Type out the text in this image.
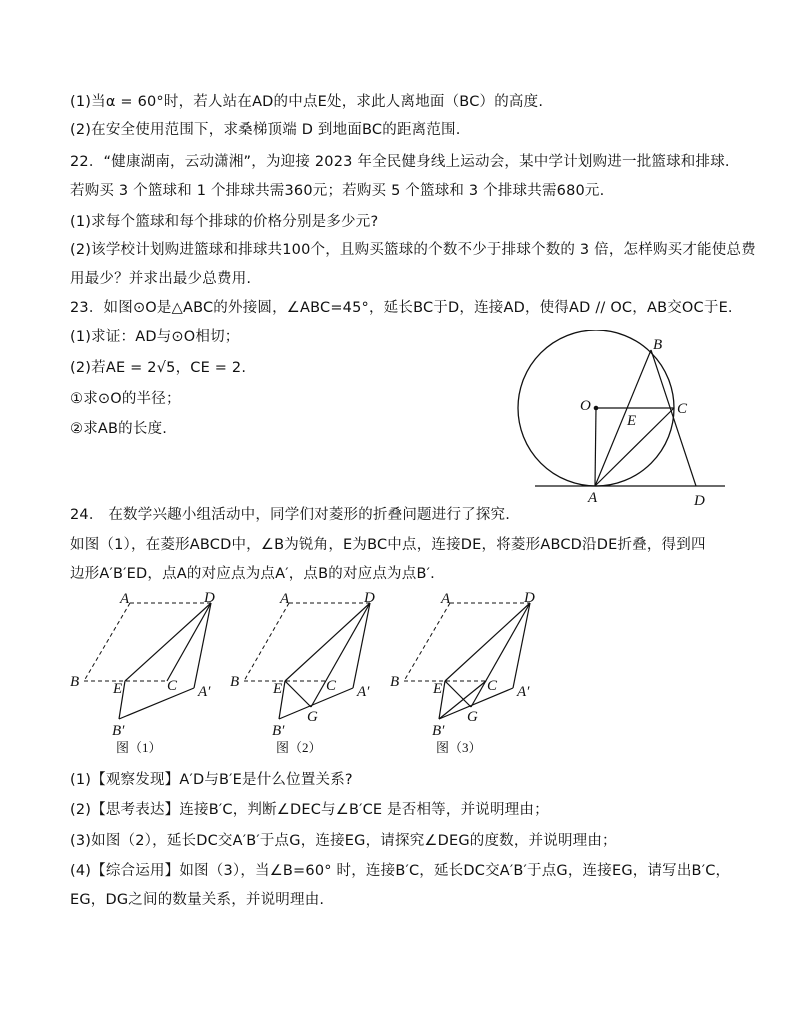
(1)当α = 60°时，若人站在AD的中点E处，求此人离地面（BC）的高度.
(2)在安全使用范围下，求桑梯顶端 D 到地面BC的距离范围.
22．“健康湖南，云动潇湘”，为迎接 2023 年全民健身线上运动会，某中学计划购进一批篮球和排球.
若购买 3 个篮球和 1 个排球共需360元；若购买 5 个篮球和 3 个排球共需680元.
(1)求每个篮球和每个排球的价格分别是多少元?
(2)该学校计划购进篮球和排球共100个，且购买篮球的个数不少于排球个数的 3 倍，怎样购买才能使总费
用最少？并求出最少总费用.
23．如图⊙O是△ABC的外接圆，∠ABC=45°，延长BC于D，连接AD，使得AD // OC，AB交OC于E.
(1)求证：AD与⊙O相切；
(2)若AE = 2√5，CE = 2.
①求⊙O的半径；
②求AB的长度.
24． 在数学兴趣小组活动中，同学们对菱形的折叠问题进行了探究.
如图（1），在菱形ABCD中，∠B为锐角，E为BC中点，连接DE，将菱形ABCD沿DE折叠，得到四
边形A′B′ED，点A的对应点为点A′，点B的对应点为点B′.
(1)【观察发现】A′D与B′E是什么位置关系?
(2)【思考表达】连接B′C，判断∠DEC与∠B′CE 是否相等，并说明理由；
(3)如图（2），延长DC交A′B′于点G，连接EG，请探究∠DEG的度数，并说明理由；
(4)【综合运用】如图（3），当∠B=60° 时，连接B′C，延长DC交A′B′于点G，连接EG，请写出B′C，
EG，DG之间的数量关系，并说明理由.
B
O
E
C
A	D
A	D
B E	C A′
B′
图（1）
A	D
B E	C A′
G
B′
图（2）
A	D
B E	C A′
G
B′
图（3）
